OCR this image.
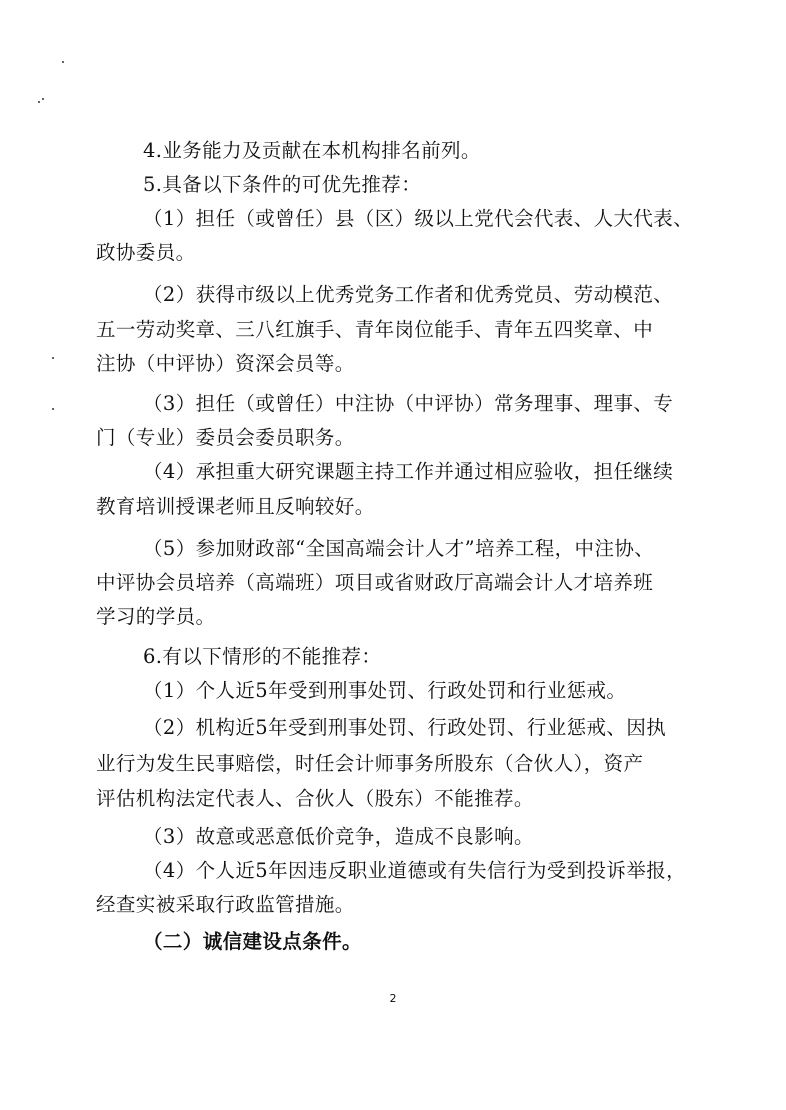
4.业务能力及贡献在本机构排名前列。
5.具备以下条件的可优先推荐：
（1）担任（或曾任）县（区）级以上党代会代表、人大代表、
政协委员。
（2）获得市级以上优秀党务工作者和优秀党员、劳动模范、
五一劳动奖章、三八红旗手、青年岗位能手、青年五四奖章、中
注协（中评协）资深会员等。
（3）担任（或曾任）中注协（中评协）常务理事、理事、专
门（专业）委员会委员职务。
（4）承担重大研究课题主持工作并通过相应验收，担任继续
教育培训授课老师且反响较好。
（5）参加财政部“全国高端会计人才”培养工程，中注协、
中评协会员培养（高端班）项目或省财政厅高端会计人才培养班
学习的学员。
6.有以下情形的不能推荐：
（1）个人近5年受到刑事处罚、行政处罚和行业惩戒。
（2）机构近5年受到刑事处罚、行政处罚、行业惩戒、因执
业行为发生民事赔偿，时任会计师事务所股东（合伙人），资产
评估机构法定代表人、合伙人（股东）不能推荐。
（3）故意或恶意低价竞争，造成不良影响。
（4）个人近5年因违反职业道德或有失信行为受到投诉举报，
经查实被采取行政监管措施。
（二）诚信建设点条件。
2
